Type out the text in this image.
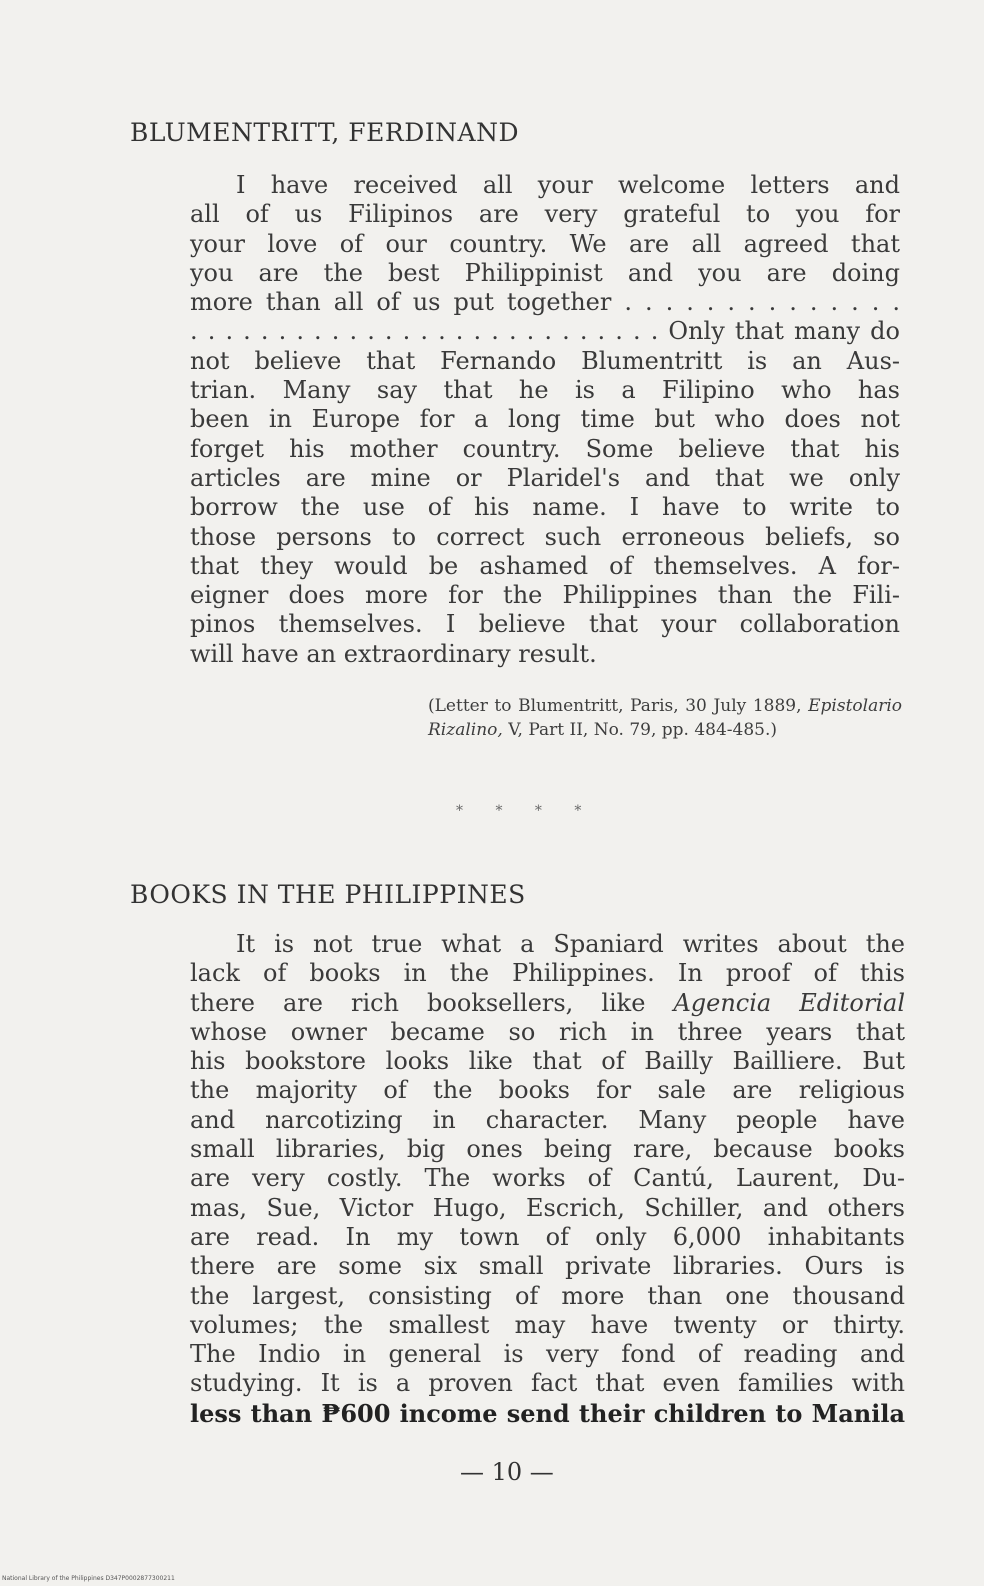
BLUMENTRITT, FERDINAND
I have received all your welcome letters and
all of us Filipinos are very grateful to you for
your love of our country. We are all agreed that
you are the best Philippinist and you are doing
more than all of us put together . . . . . . . . . . . . . .
. . . . . . . . . . . . . . . . . . . . . . . . . . . Only that many do
not believe that Fernando Blumentritt is an Aus-
trian. Many say that he is a Filipino who has
been in Europe for a long time but who does not
forget his mother country. Some believe that his
articles are mine or Plaridel's and that we only
borrow the use of his name. I have to write to
those persons to correct such erroneous beliefs, so
that they would be ashamed of themselves. A for-
eigner does more for the Philippines than the Fili-
pinos themselves. I believe that your collaboration
will have an extraordinary result.

(Letter to Blumentritt, Paris, 30 July 1889, Epistolario Rizalino, V, Part II, No. 79, pp. 484-485.)

* * * *
BOOKS IN THE PHILIPPINES
It is not true what a Spaniard writes about the
lack of books in the Philippines. In proof of this
there are rich booksellers, like Agencia Editorial
whose owner became so rich in three years that
his bookstore looks like that of Bailly Bailliere. But
the majority of the books for sale are religious
and narcotizing in character. Many people have
small libraries, big ones being rare, because books
are very costly. The works of Cantú, Laurent, Du-
mas, Sue, Victor Hugo, Escrich, Schiller, and others
are read. In my town of only 6,000 inhabitants
there are some six small private libraries. Ours is
the largest, consisting of more than one thousand
volumes; the smallest may have twenty or thirty.
The Indio in general is very fond of reading and
studying. It is a proven fact that even families with
less than ₱600 income send their children to Manila
— 10 —
National Library of the Philippines D347P0002877300211
